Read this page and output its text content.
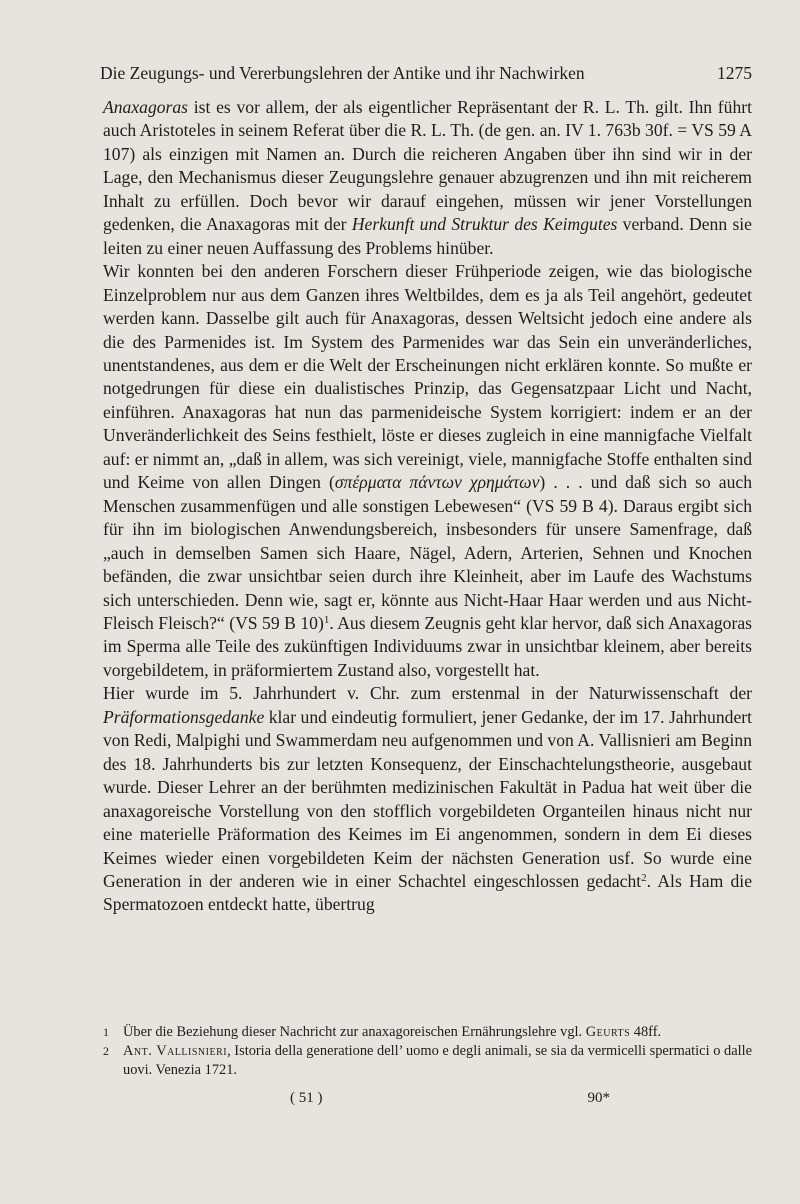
Die Zeugungs- und Vererbungslehren der Antike und ihr Nachwirken	1275

Anaxagoras ist es vor allem, der als eigentlicher Repräsentant der R. L. Th. gilt. Ihn führt auch Aristoteles in seinem Referat über die R. L. Th. (de gen. an. IV 1. 763b 30f. = VS 59 A 107) als einzigen mit Namen an. Durch die reicheren Angaben über ihn sind wir in der Lage, den Mechanismus dieser Zeugungslehre genauer abzugrenzen und ihn mit reicherem Inhalt zu erfüllen. Doch bevor wir darauf eingehen, müssen wir jener Vorstellungen gedenken, die Anaxagoras mit der Herkunft und Struktur des Keimgutes verband. Denn sie leiten zu einer neuen Auffassung des Problems hinüber.

Wir konnten bei den anderen Forschern dieser Frühperiode zeigen, wie das biologische Einzelproblem nur aus dem Ganzen ihres Weltbildes, dem es ja als Teil angehört, gedeutet werden kann. Dasselbe gilt auch für Anaxagoras, dessen Weltsicht jedoch eine andere als die des Parmenides ist. Im System des Parmenides war das Sein ein unveränderliches, unentstandenes, aus dem er die Welt der Erscheinungen nicht erklären konnte. So mußte er notgedrungen für diese ein dualistisches Prinzip, das Gegensatzpaar Licht und Nacht, einführen. Anaxagoras hat nun das parmenideische System korrigiert: indem er an der Unveränderlichkeit des Seins festhielt, löste er dieses zugleich in eine mannigfache Vielfalt auf: er nimmt an, „daß in allem, was sich vereinigt, viele, mannigfache Stoffe enthalten sind und Keime von allen Dingen (σπέρματα πάντων χρημάτων) . . . und daß sich so auch Menschen zusammenfügen und alle sonstigen Lebewesen“ (VS 59 B 4). Daraus ergibt sich für ihn im biologischen Anwendungsbereich, insbesonders für unsere Samenfrage, daß „auch in demselben Samen sich Haare, Nägel, Adern, Arterien, Sehnen und Knochen befänden, die zwar unsichtbar seien durch ihre Kleinheit, aber im Laufe des Wachstums sich unterschieden. Denn wie, sagt er, könnte aus Nicht-Haar Haar werden und aus Nicht-Fleisch Fleisch?“ (VS 59 B 10)$^1$. Aus diesem Zeugnis geht klar hervor, daß sich Anaxagoras im Sperma alle Teile des zukünftigen Individuums zwar in unsichtbar kleinem, aber bereits vorgebildetem, in präformiertem Zustand also, vorgestellt hat.

Hier wurde im 5. Jahrhundert v. Chr. zum erstenmal in der Naturwissenschaft der Präformationsgedanke klar und eindeutig formuliert, jener Gedanke, der im 17. Jahrhundert von Redi, Malpighi und Swammerdam neu aufgenommen und von A. Vallisnieri am Beginn des 18. Jahrhunderts bis zur letzten Konsequenz, der Einschachtelungstheorie, ausgebaut wurde. Dieser Lehrer an der berühmten medizinischen Fakultät in Padua hat weit über die anaxagoreische Vorstellung von den stofflich vorgebildeten Organteilen hinaus nicht nur eine materielle Präformation des Keimes im Ei angenommen, sondern in dem Ei dieses Keimes wieder einen vorgebildeten Keim der nächsten Generation usf. So wurde eine Generation in der anderen wie in einer Schachtel eingeschlossen gedacht$^2$. Als Ham die Spermatozoen entdeckt hatte, übertrug

1 Über die Beziehung dieser Nachricht zur anaxagoreischen Ernährungslehre vgl. Geurts 48ff.

2 Ant. Vallisnieri, Istoria della generatione dell’ uomo e degli animali, se sia da vermicelli spermatici o dalle uovi. Venezia 1721.

( 51 )	90*
